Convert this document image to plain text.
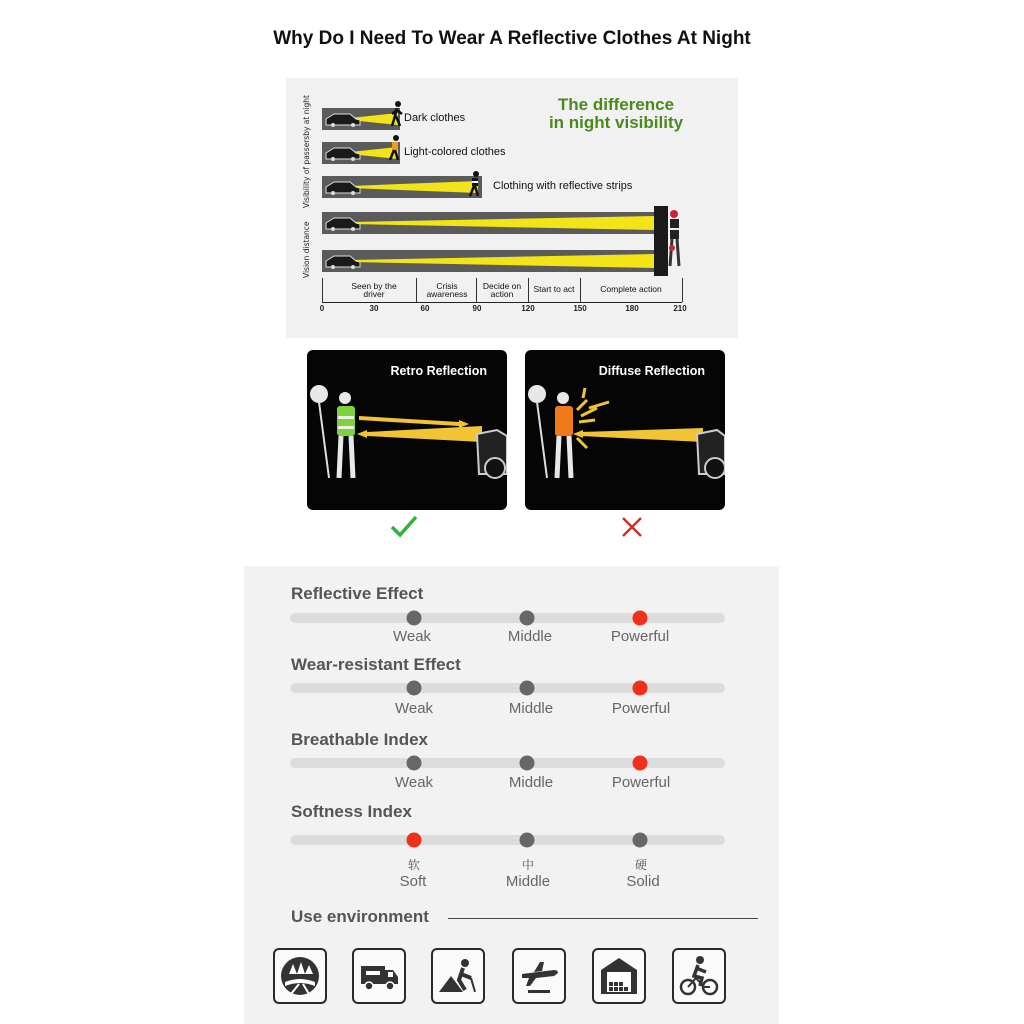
Why Do I Need To Wear A Reflective Clothes At Night
Visibility of passersby at night
Vision distance
The difference
in night visibility
Dark clothes
Light-colored clothes
Clothing with reflective strips
Seen by the
driver
Crisis
awareness
Decide on
action	Start to act	Complete action
0	30	60	90	120	150	180	210
Retro Reflection	Diffuse Reflection
Reflective Effect
Weak	Middle	Powerful
Wear-resistant Effect
Weak	Middle	Powerful
Breathable Index
Weak	Middle	Powerful
Softness Index
软	中	硬
Soft	Middle	Solid
Use environment
